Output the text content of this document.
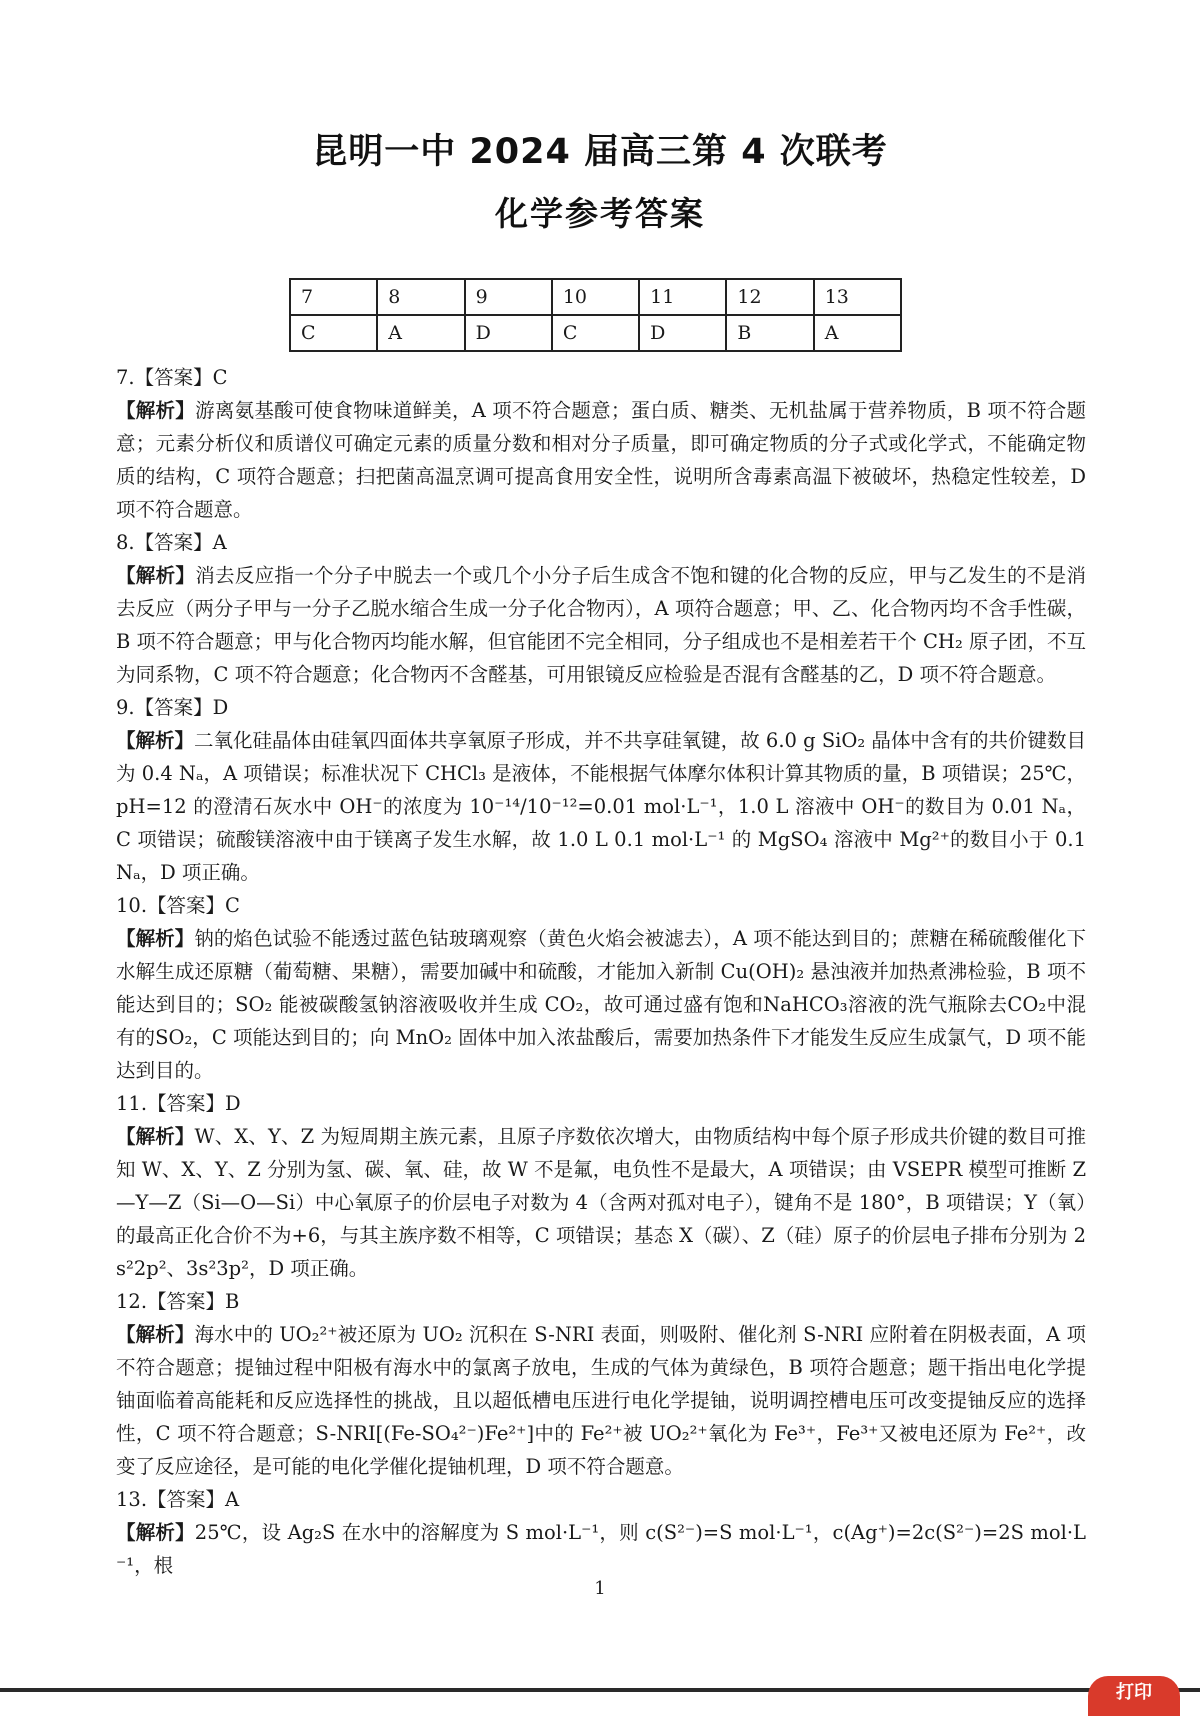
昆明一中 2024 届高三第 4 次联考
化学参考答案
7	8	9	10	11	12	13
C	A	D	C	D	B	A
7.【答案】C
【解析】游离氨基酸可使食物味道鲜美，A 项不符合题意；蛋白质、糖类、无机盐属于营养物质，B 项不符合题意；元素分析仪和质谱仪可确定元素的质量分数和相对分子质量，即可确定物质的分子式或化学式，不能确定物质的结构，C 项符合题意；扫把菌高温烹调可提高食用安全性，说明所含毒素高温下被破坏，热稳定性较差，D 项不符合题意。
8.【答案】A
【解析】消去反应指一个分子中脱去一个或几个小分子后生成含不饱和键的化合物的反应，甲与乙发生的不是消去反应（两分子甲与一分子乙脱水缩合生成一分子化合物丙），A 项符合题意；甲、乙、化合物丙均不含手性碳，B 项不符合题意；甲与化合物丙均能水解，但官能团不完全相同，分子组成也不是相差若干个 CH₂ 原子团，不互为同系物，C 项不符合题意；化合物丙不含醛基，可用银镜反应检验是否混有含醛基的乙，D 项不符合题意。
9.【答案】D
【解析】二氧化硅晶体由硅氧四面体共享氧原子形成，并不共享硅氧键，故 6.0 g SiO₂ 晶体中含有的共价键数目为 0.4 Nₐ，A 项错误；标准状况下 CHCl₃ 是液体，不能根据气体摩尔体积计算其物质的量，B 项错误；25℃，pH=12 的澄清石灰水中 OH⁻的浓度为 10⁻¹⁴/10⁻¹²=0.01 mol·L⁻¹，1.0 L 溶液中 OH⁻的数目为 0.01 Nₐ，C 项错误；硫酸镁溶液中由于镁离子发生水解，故 1.0 L 0.1 mol·L⁻¹ 的 MgSO₄ 溶液中 Mg²⁺的数目小于 0.1 Nₐ，D 项正确。
10.【答案】C
【解析】钠的焰色试验不能透过蓝色钴玻璃观察（黄色火焰会被滤去），A 项不能达到目的；蔗糖在稀硫酸催化下水解生成还原糖（葡萄糖、果糖），需要加碱中和硫酸，才能加入新制 Cu(OH)₂ 悬浊液并加热煮沸检验，B 项不能达到目的；SO₂ 能被碳酸氢钠溶液吸收并生成 CO₂，故可通过盛有饱和NaHCO₃溶液的洗气瓶除去CO₂中混有的SO₂，C 项能达到目的；向 MnO₂ 固体中加入浓盐酸后，需要加热条件下才能发生反应生成氯气，D 项不能达到目的。
11.【答案】D
【解析】W、X、Y、Z 为短周期主族元素，且原子序数依次增大，由物质结构中每个原子形成共价键的数目可推知 W、X、Y、Z 分别为氢、碳、氧、硅，故 W 不是氟，电负性不是最大，A 项错误；由 VSEPR 模型可推断 Z—Y—Z（Si—O—Si）中心氧原子的价层电子对数为 4（含两对孤对电子），键角不是 180°，B 项错误；Y（氧）的最高正化合价不为+6，与其主族序数不相等，C 项错误；基态 X（碳）、Z（硅）原子的价层电子排布分别为 2s²2p²、3s²3p²，D 项正确。
12.【答案】B
【解析】海水中的 UO₂²⁺被还原为 UO₂ 沉积在 S-NRI 表面，则吸附、催化剂 S-NRI 应附着在阴极表面，A 项不符合题意；提铀过程中阳极有海水中的氯离子放电，生成的气体为黄绿色，B 项符合题意；题干指出电化学提铀面临着高能耗和反应选择性的挑战，且以超低槽电压进行电化学提铀，说明调控槽电压可改变提铀反应的选择性，C 项不符合题意；S-NRI[(Fe-SO₄²⁻)Fe²⁺]中的 Fe²⁺被 UO₂²⁺氧化为 Fe³⁺，Fe³⁺又被电还原为 Fe²⁺，改变了反应途径，是可能的电化学催化提铀机理，D 项不符合题意。
13.【答案】A
【解析】25℃，设 Ag₂S 在水中的溶解度为 S mol·L⁻¹，则 c(S²⁻)=S mol·L⁻¹，c(Ag⁺)=2c(S²⁻)=2S mol·L⁻¹，根
1
打印
